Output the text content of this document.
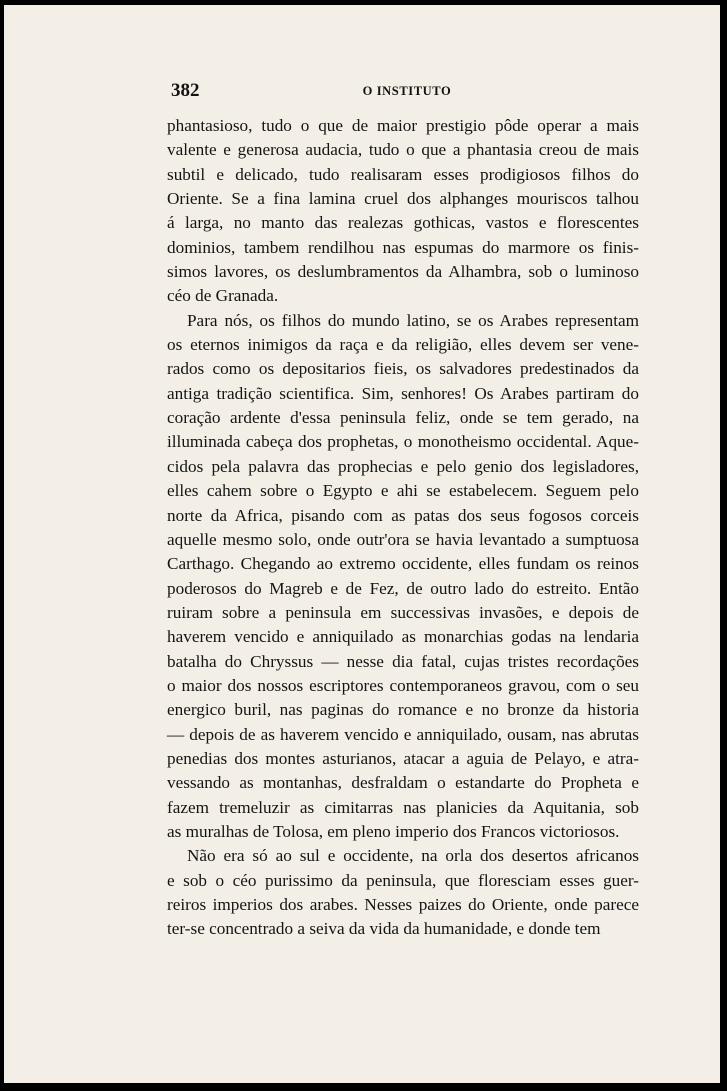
382	O INSTITUTO
phantasioso, tudo o que de maior prestigio pôde operar a mais
valente e generosa audacia, tudo o que a phantasia creou de mais
subtil e delicado, tudo realisaram esses prodigiosos filhos do
Oriente. Se a fina lamina cruel dos alphanges mouriscos talhou
á larga, no manto das realezas gothicas, vastos e florescentes
dominios, tambem rendilhou nas espumas do marmore os finis-
simos lavores, os deslumbramentos da Alhambra, sob o luminoso
céo de Granada.
Para nós, os filhos do mundo latino, se os Arabes representam
os eternos inimigos da raça e da religião, elles devem ser vene-
rados como os depositarios fieis, os salvadores predestinados da
antiga tradição scientifica. Sim, senhores! Os Arabes partiram do
coração ardente d'essa peninsula feliz, onde se tem gerado, na
illuminada cabeça dos prophetas, o monotheismo occidental. Aque-
cidos pela palavra das prophecias e pelo genio dos legisladores,
elles cahem sobre o Egypto e ahi se estabelecem. Seguem pelo
norte da Africa, pisando com as patas dos seus fogosos corceis
aquelle mesmo solo, onde outr'ora se havia levantado a sumptuosa
Carthago. Chegando ao extremo occidente, elles fundam os reinos
poderosos do Magreb e de Fez, de outro lado do estreito. Então
ruiram sobre a peninsula em successivas invasões, e depois de
haverem vencido e anniquilado as monarchias godas na lendaria
batalha do Chryssus — nesse dia fatal, cujas tristes recordações
o maior dos nossos escriptores contemporaneos gravou, com o seu
energico buril, nas paginas do romance e no bronze da historia
— depois de as haverem vencido e anniquilado, ousam, nas abrutas
penedias dos montes asturianos, atacar a aguia de Pelayo, e atra-
vessando as montanhas, desfraldam o estandarte do Propheta e
fazem tremeluzir as cimitarras nas planicies da Aquitania, sob
as muralhas de Tolosa, em pleno imperio dos Francos victoriosos.
Não era só ao sul e occidente, na orla dos desertos africanos
e sob o céo purissimo da peninsula, que floresciam esses guer-
reiros imperios dos arabes. Nesses paizes do Oriente, onde parece
ter-se concentrado a seiva da vida da humanidade, e donde tem
